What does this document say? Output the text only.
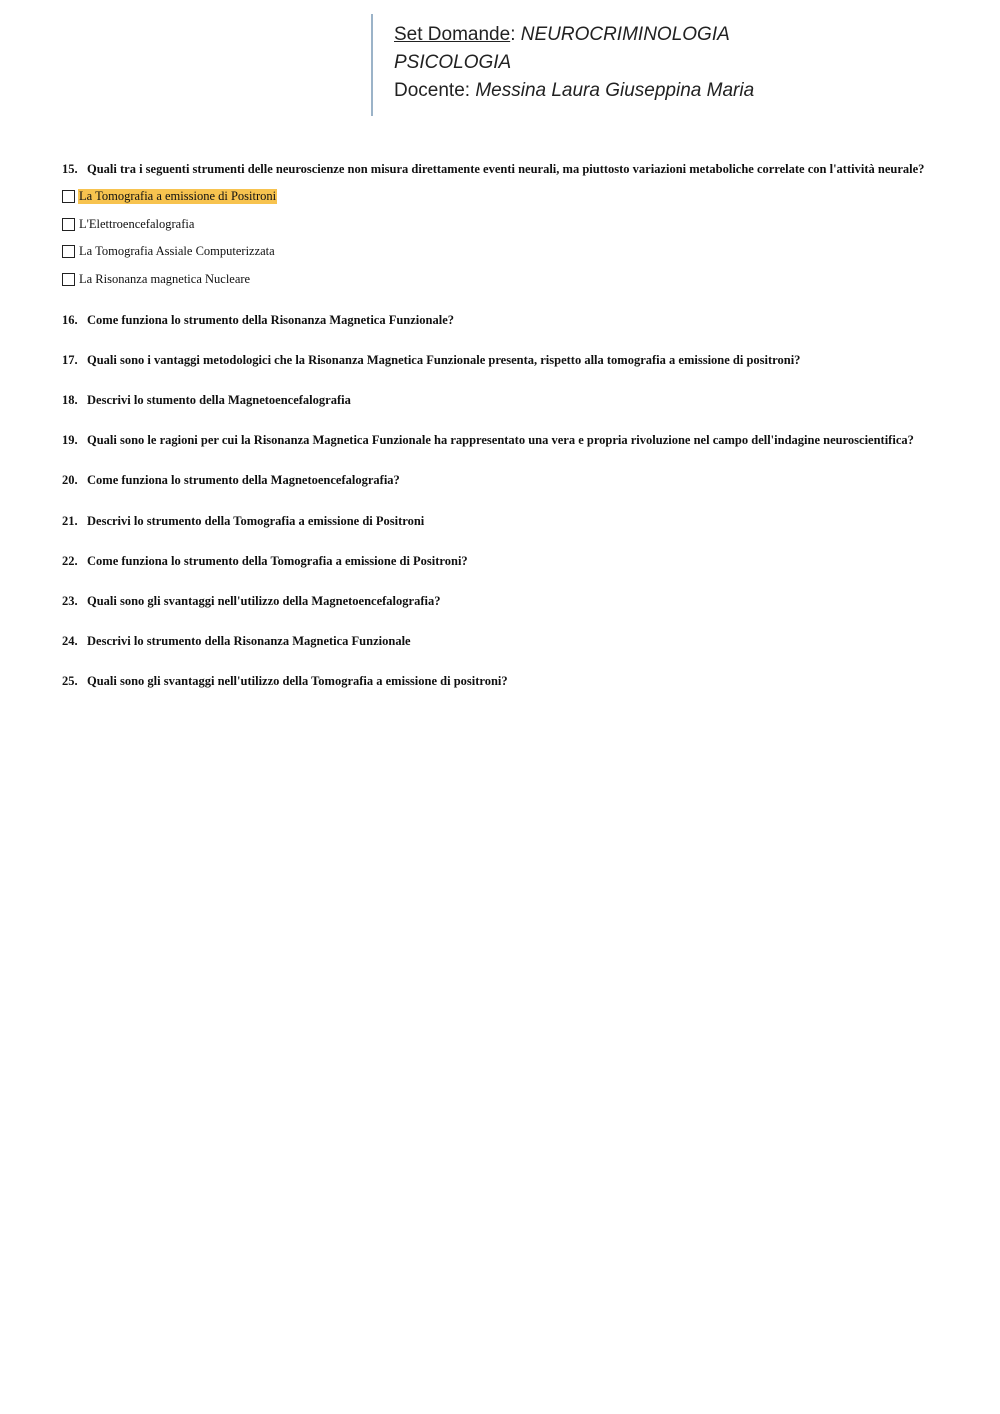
Set Domande: NEUROCRIMINOLOGIA
PSICOLOGIA
Docente: Messina Laura Giuseppina Maria
15. Quali tra i seguenti strumenti delle neuroscienze non misura direttamente eventi neurali, ma piuttosto variazioni metaboliche correlate con l'attività neurale?
La Tomografia a emissione di Positroni
L'Elettroencefalografia
La Tomografia Assiale Computerizzata
La Risonanza magnetica Nucleare
16. Come funziona lo strumento della Risonanza Magnetica Funzionale?
17. Quali sono i vantaggi metodologici che la Risonanza Magnetica Funzionale presenta, rispetto alla tomografia a emissione di positroni?
18. Descrivi lo stumento della Magnetoencefalografia
19. Quali sono le ragioni per cui la Risonanza Magnetica Funzionale ha rappresentato una vera e propria rivoluzione nel campo dell'indagine neuroscientifica?
20. Come funziona lo strumento della Magnetoencefalografia?
21. Descrivi lo strumento della Tomografia a emissione di Positroni
22. Come funziona lo strumento della Tomografia a emissione di Positroni?
23. Quali sono gli svantaggi nell'utilizzo della Magnetoencefalografia?
24. Descrivi lo strumento della Risonanza Magnetica Funzionale
25. Quali sono gli svantaggi nell'utilizzo della Tomografia a emissione di positroni?
